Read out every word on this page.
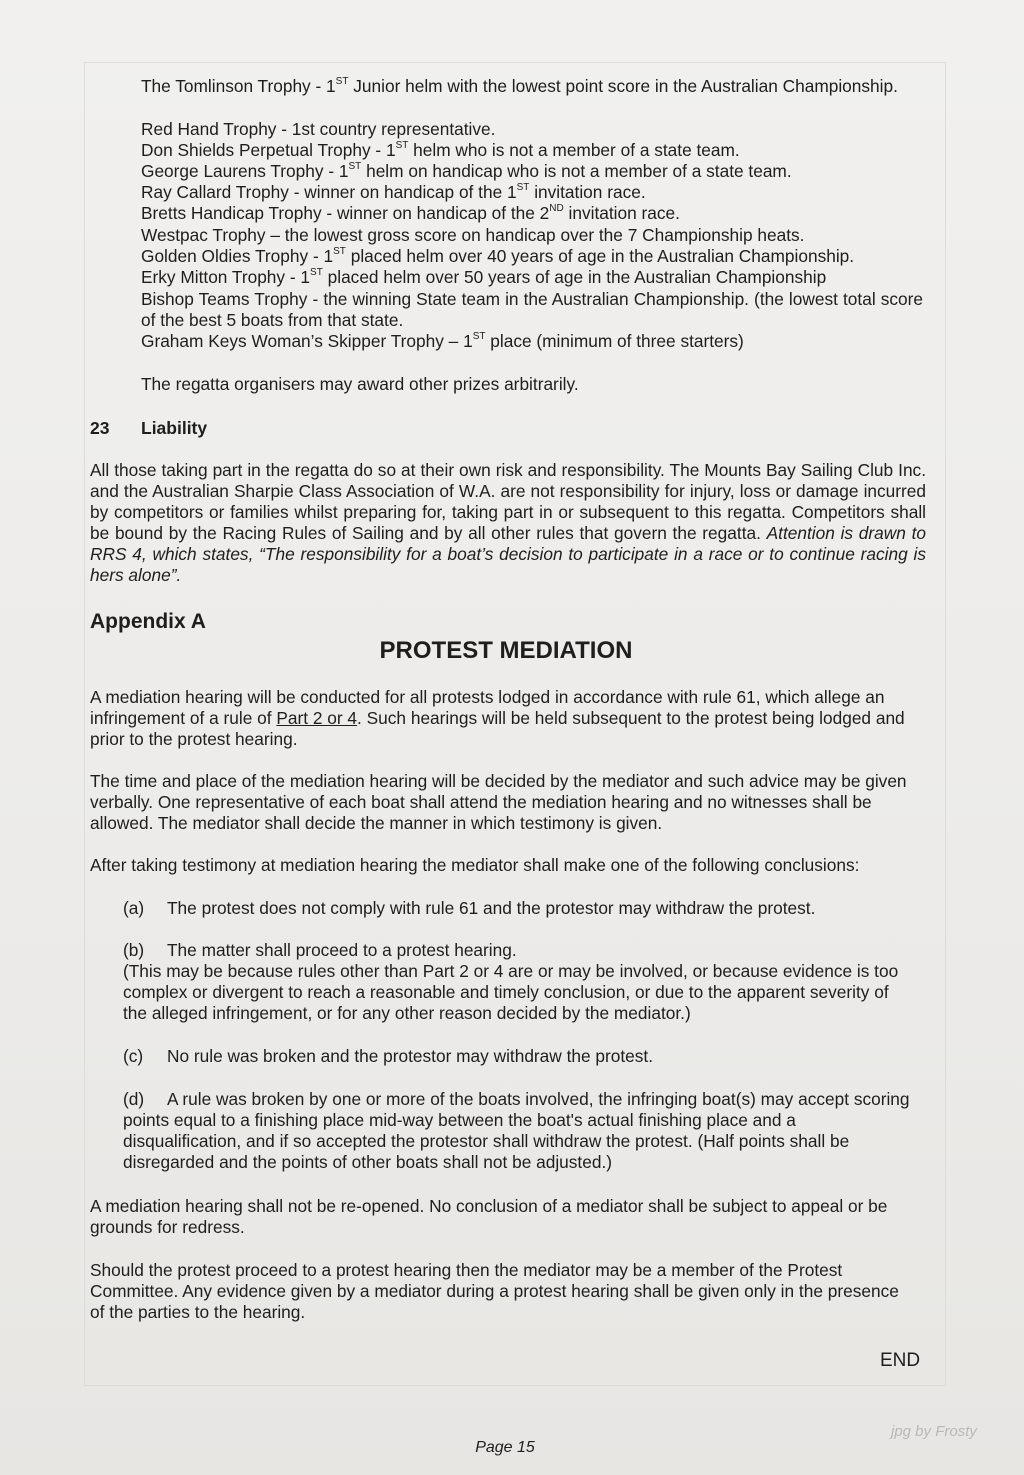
The Tomlinson Trophy - 1ST Junior helm with the lowest point score in the Australian Championship.

Red Hand Trophy - 1st country representative.

Don Shields Perpetual Trophy - 1ST helm who is not a member of a state team.

George Laurens Trophy - 1ST helm on handicap who is not a member of a state team.

Ray Callard Trophy - winner on handicap of the 1ST invitation race.

Bretts Handicap Trophy - winner on handicap of the 2ND invitation race.

Westpac Trophy – the lowest gross score on handicap over the 7 Championship heats.

Golden Oldies Trophy - 1ST placed helm over 40 years of age in the Australian Championship.

Erky Mitton Trophy - 1ST placed helm over 50 years of age in the Australian Championship

Bishop Teams Trophy - the winning State team in the Australian Championship. (the lowest total score of the best 5 boats from that state.

Graham Keys Woman’s Skipper Trophy – 1ST place (minimum of three starters)

The regatta organisers may award other prizes arbitrarily.

23 Liability

All those taking part in the regatta do so at their own risk and responsibility. The Mounts Bay Sailing Club Inc. and the Australian Sharpie Class Association of W.A. are not responsibility for injury, loss or damage incurred by competitors or families whilst preparing for, taking part in or subsequent to this regatta. Competitors shall be bound by the Racing Rules of Sailing and by all other rules that govern the regatta. Attention is drawn to RRS 4, which states, “The responsibility for a boat’s decision to participate in a race or to continue racing is hers alone”.

Appendix A
PROTEST MEDIATION

A mediation hearing will be conducted for all protests lodged in accordance with rule 61, which allege an infringement of a rule of Part 2 or 4. Such hearings will be held subsequent to the protest being lodged and prior to the protest hearing.

The time and place of the mediation hearing will be decided by the mediator and such advice may be given verbally. One representative of each boat shall attend the mediation hearing and no witnesses shall be allowed. The mediator shall decide the manner in which testimony is given.

After taking testimony at mediation hearing the mediator shall make one of the following conclusions:

(a) The protest does not comply with rule 61 and the protestor may withdraw the protest.

(b) The matter shall proceed to a protest hearing.
(This may be because rules other than Part 2 or 4 are or may be involved, or because evidence is too complex or divergent to reach a reasonable and timely conclusion, or due to the apparent severity of the alleged infringement, or for any other reason decided by the mediator.)

(c) No rule was broken and the protestor may withdraw the protest.

(d) A rule was broken by one or more of the boats involved, the infringing boat(s) may accept scoring points equal to a finishing place mid-way between the boat's actual finishing place and a disqualification, and if so accepted the protestor shall withdraw the protest. (Half points shall be disregarded and the points of other boats shall not be adjusted.)

A mediation hearing shall not be re-opened. No conclusion of a mediator shall be subject to appeal or be grounds for redress.

Should the protest proceed to a protest hearing then the mediator may be a member of the Protest Committee. Any evidence given by a mediator during a protest hearing shall be given only in the presence of the parties to the hearing.

END
jpg by Frosty
Page 15
